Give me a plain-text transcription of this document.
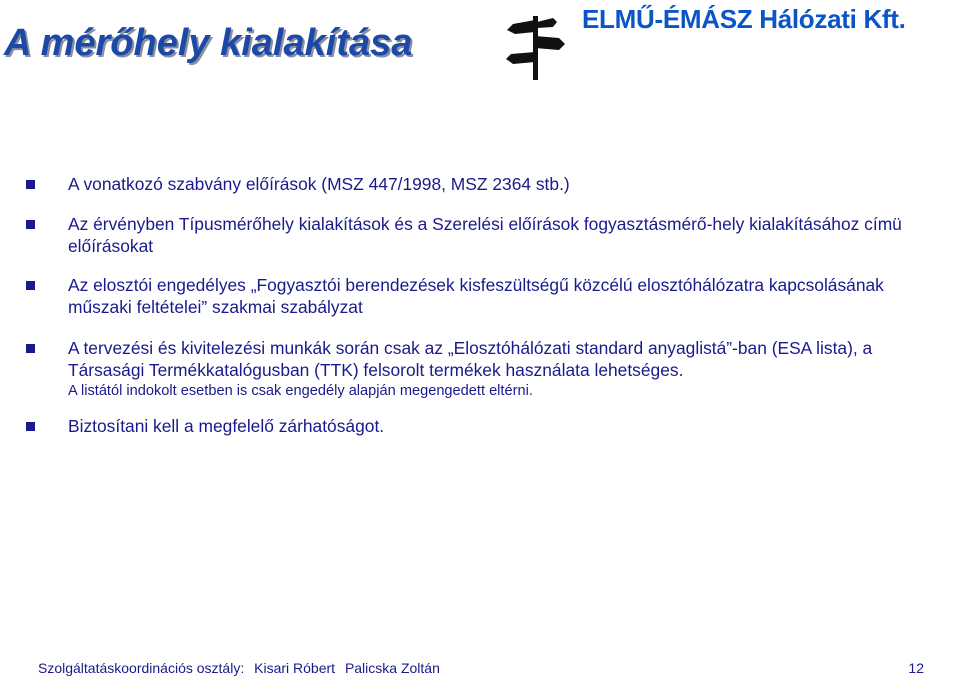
A mérőhely kialakítása
ELMŰ-ÉMÁSZ Hálózati Kft.
A vonatkozó szabvány előírások (MSZ 447/1998, MSZ 2364 stb.)
Az érvényben Típusmérőhely kialakítások és a Szerelési előírások fogyasztásmérő-hely kialakításához címü előírásokat
Az elosztói engedélyes „Fogyasztói berendezések kisfeszültségű közcélú elosztóhálózatra kapcsolásának műszaki feltételei” szakmai szabályzat
A tervezési és kivitelezési munkák során csak az „Elosztóhálózati standard anyaglistá”-ban (ESA lista), a Társasági Termékkatalógusban (TTK) felsorolt termékek használata lehetséges.
A listától indokolt esetben is csak engedély alapján megengedett eltérni.
Biztosítani kell a megfelelő zárhatóságot.
Szolgáltatáskoordinációs osztály: Kisari Róbert Palicska Zoltán	12
